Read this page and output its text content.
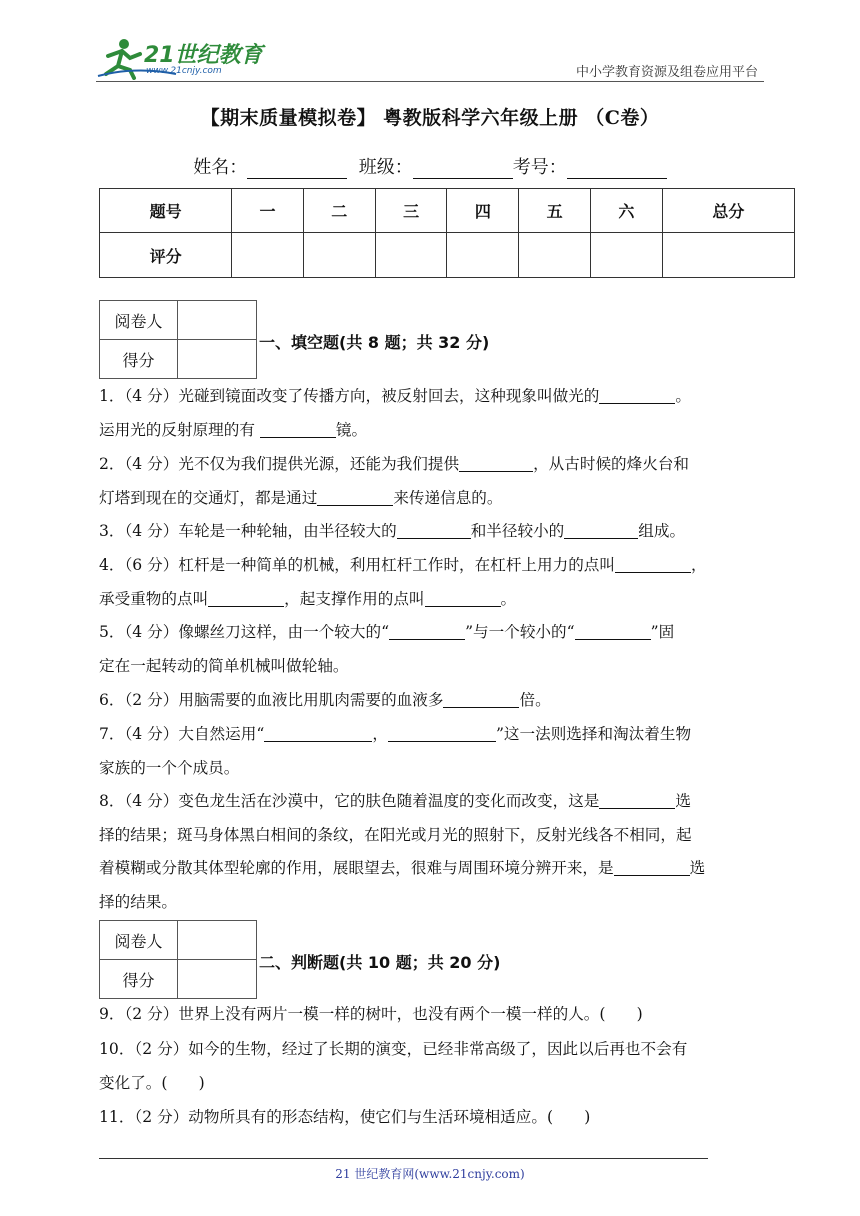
21世纪教育
www.21cnjy.com	中小学教育资源及组卷应用平台
【期末质量模拟卷】 粤教版科学六年级上册 （C卷）
姓名：	班级：	考号：
题号	一	二	三	四	五	六	总分
评分							
阅卷人	
得分	
一、填空题(共 8 题；共 32 分)
1．（4 分）光碰到镜面改变了传播方向，被反射回去，这种现象叫做光的	。
运用光的反射原理的有	镜。
2．（4 分）光不仅为我们提供光源，还能为我们提供	，从古时候的烽火台和
灯塔到现在的交通灯，都是通过	来传递信息的。
3．（4 分）车轮是一种轮轴，由半径较大的	和半径较小的	组成。
4．（6 分）杠杆是一种简单的机械，利用杠杆工作时，在杠杆上用力的点叫	，
承受重物的点叫	，起支撑作用的点叫	。
5．（4 分）像螺丝刀这样，由一个较大的“	”与一个较小的“	”固
定在一起转动的简单机械叫做轮轴。
6．（2 分）用脑需要的血液比用肌肉需要的血液多	倍。
7．（4 分）大自然运用“	，	”这一法则选择和淘汰着生物
家族的一个个成员。
8．（4 分）变色龙生活在沙漠中，它的肤色随着温度的变化而改变，这是	选
择的结果；斑马身体黑白相间的条纹，在阳光或月光的照射下，反射光线各不相同，起
着模糊或分散其体型轮廓的作用，展眼望去，很难与周围环境分辨开来，是	选
择的结果。
阅卷人	
得分	
二、判断题(共 10 题；共 20 分)
9．（2 分）世界上没有两片一模一样的树叶，也没有两个一模一样的人。(　　)
10．（2 分）如今的生物，经过了长期的演变，已经非常高级了，因此以后再也不会有
变化了。(　　)
11．（2 分）动物所具有的形态结构，使它们与生活环境相适应。(　　)
21 世纪教育网(www.21cnjy.com)
